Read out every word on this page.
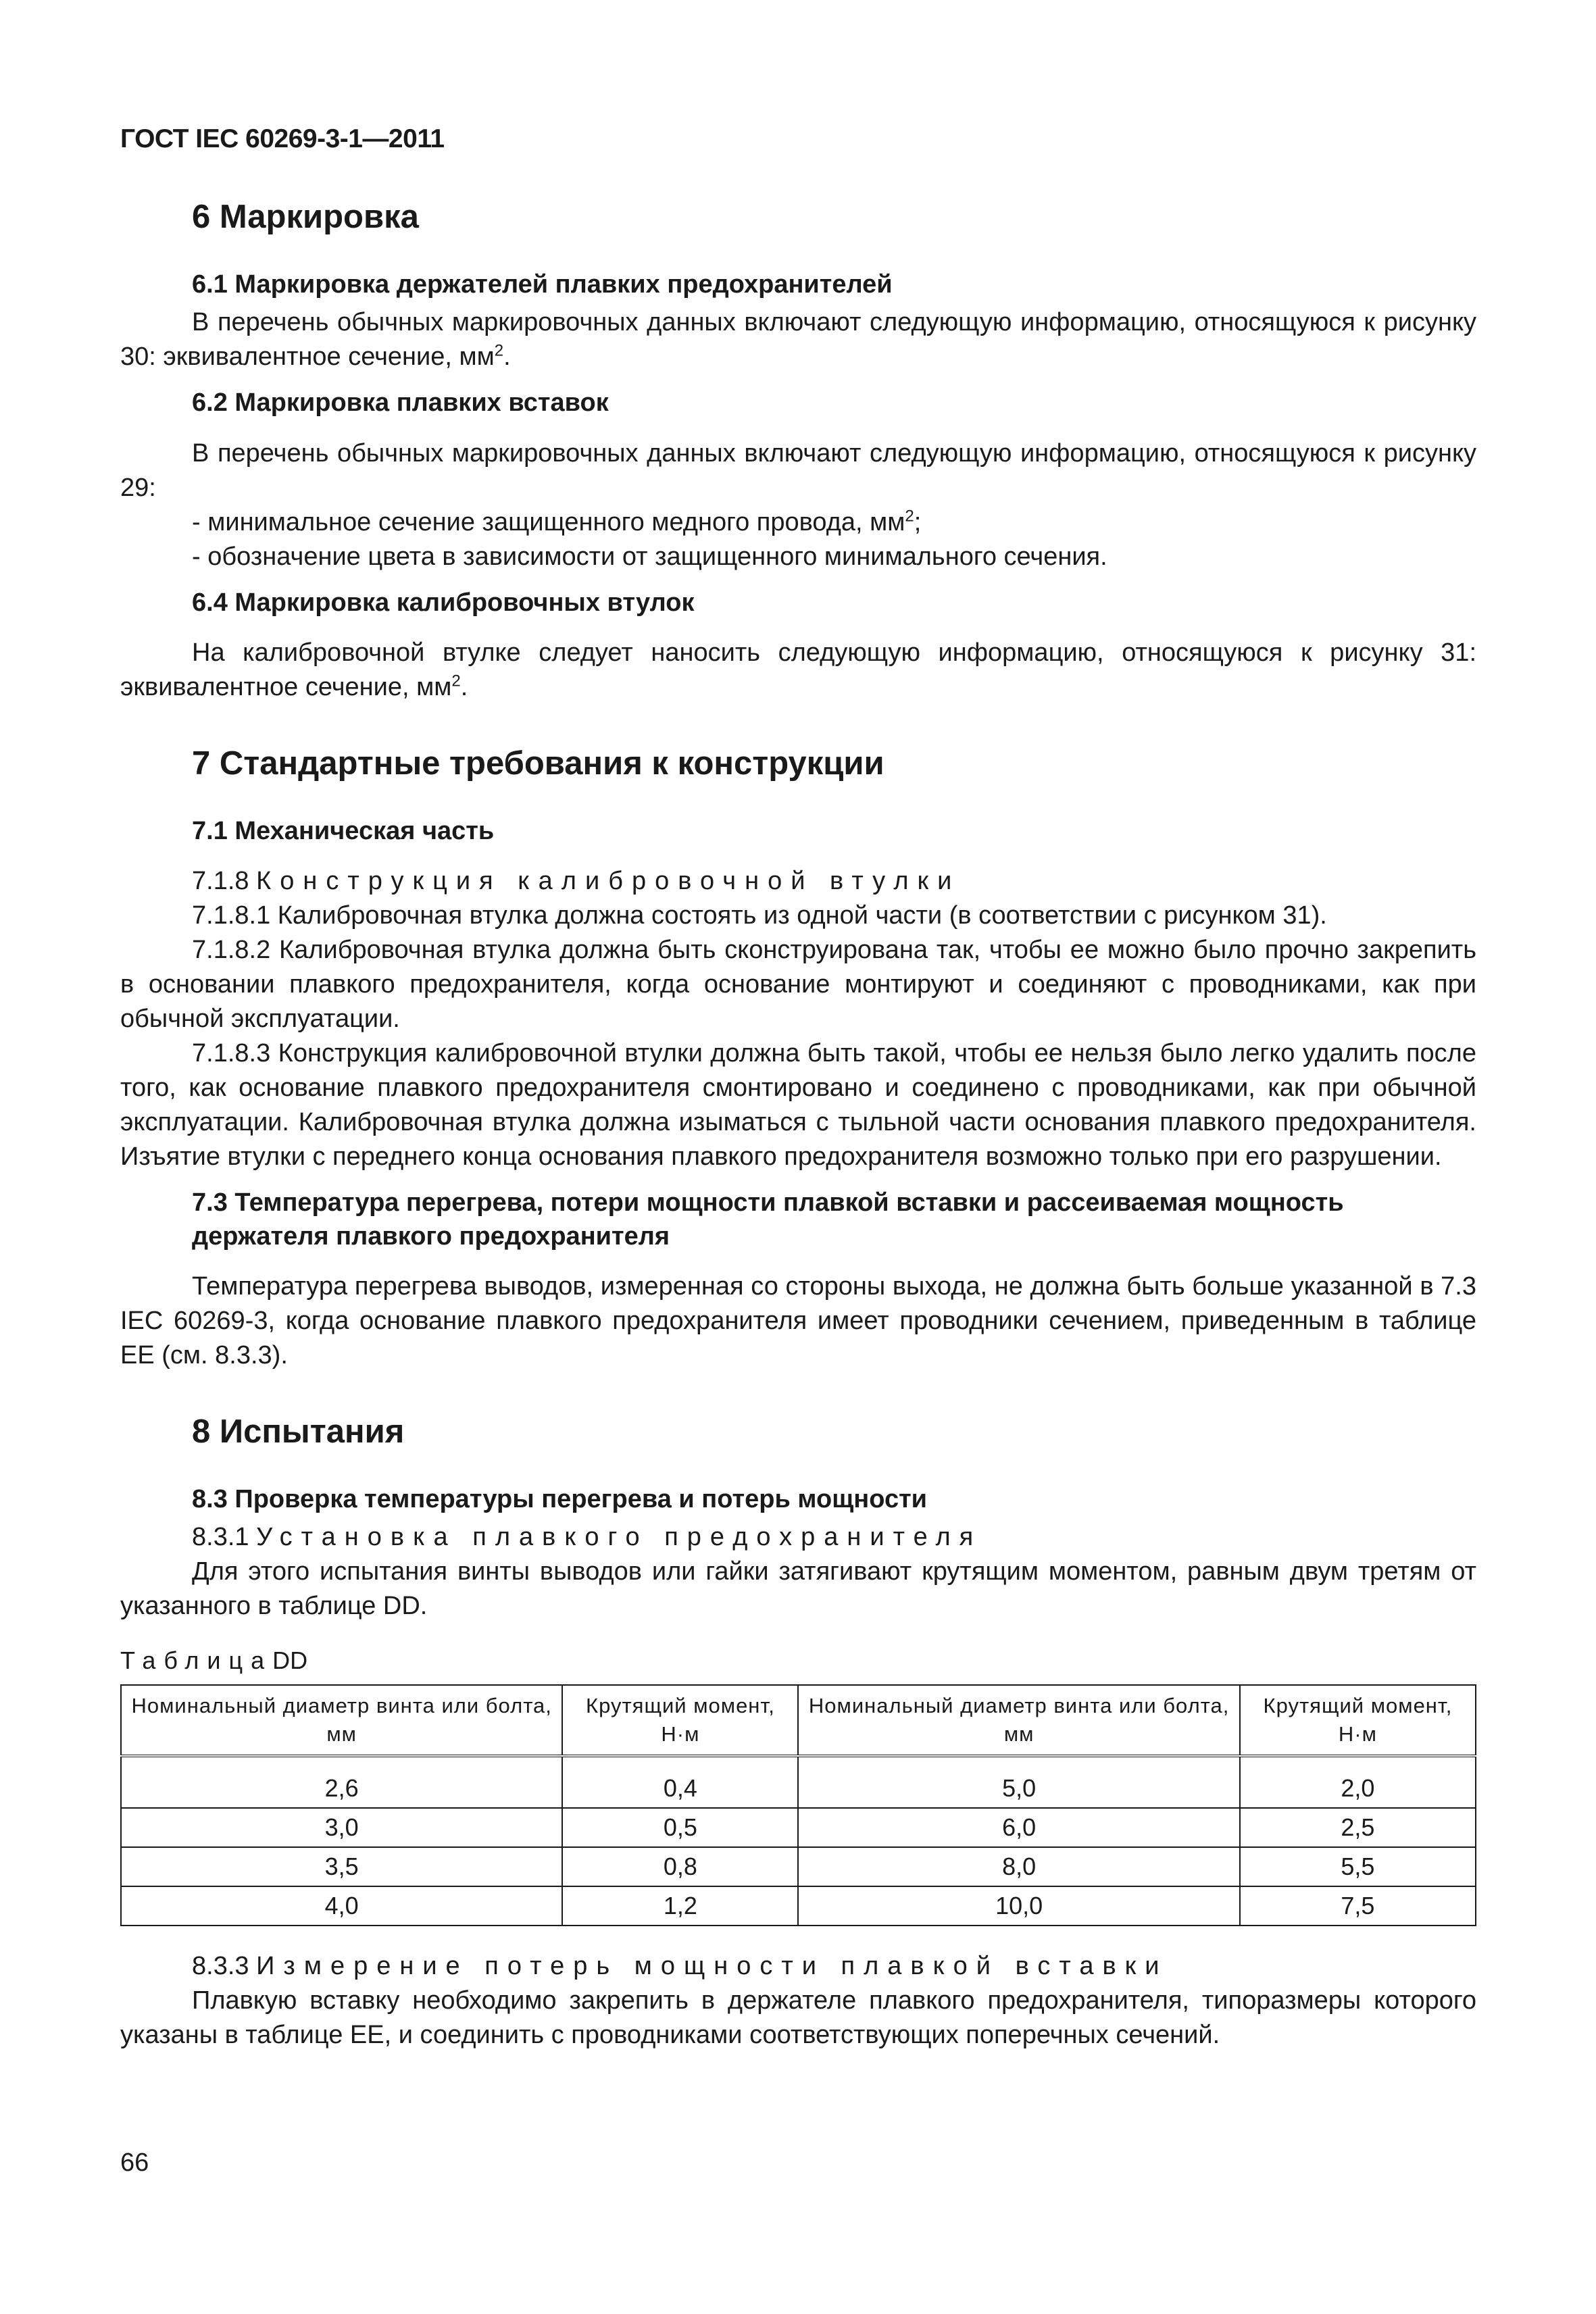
ГОСТ IEC 60269-3-1—2011
6 Маркировка
6.1 Маркировка держателей плавких предохранителей

В перечень обычных маркировочных данных включают следующую информацию, относящуюся к рисунку 30: эквивалентное сечение, $мм^2$.

6.2 Маркировка плавких вставок

В перечень обычных маркировочных данных включают следующую информацию, относящуюся к рисунку 29:

- минимальное сечение защищенного медного провода, $мм^2$;

- обозначение цвета в зависимости от защищенного минимального сечения.

6.4 Маркировка калибровочных втулок

На калибровочной втулке следует наносить следующую информацию, относящуюся к рисунку 31: эквивалентное сечение, $мм^2$.

7 Стандартные требования к конструкции
7.1 Механическая часть

7.1.8 Конструкция калибровочной втулки

7.1.8.1 Калибровочная втулка должна состоять из одной части (в соответствии с рисунком 31).

7.1.8.2 Калибровочная втулка должна быть сконструирована так, чтобы ее можно было прочно закрепить в основании плавкого предохранителя, когда основание монтируют и соединяют с проводниками, как при обычной эксплуатации.

7.1.8.3 Конструкция калибровочной втулки должна быть такой, чтобы ее нельзя было легко удалить после того, как основание плавкого предохранителя смонтировано и соединено с проводниками, как при обычной эксплуатации. Калибровочная втулка должна изыматься с тыльной части основания плавкого предохранителя. Изъятие втулки с переднего конца основания плавкого предохранителя возможно только при его разрушении.

7.3 Температура перегрева, потери мощности плавкой вставки и рассеиваемая мощность держателя плавкого предохранителя

Температура перегрева выводов, измеренная со стороны выхода, не должна быть больше указанной в 7.3 IEC 60269-3, когда основание плавкого предохранителя имеет проводники сечением, приведенным в таблице EE (см. 8.3.3).

8 Испытания
8.3 Проверка температуры перегрева и потерь мощности

8.3.1 Установка плавкого предохранителя

Для этого испытания винты выводов или гайки затягивают крутящим моментом, равным двум третям от указанного в таблице DD.

ТаблицаDD
Номинальный диаметр винта или болта, мм	Крутящий момент, Н·м	Номинальный диаметр винта или болта, мм	Крутящий момент, Н·м
2,6	0,4	5,0	2,0
3,0	0,5	6,0	2,5
3,5	0,8	8,0	5,5
4,0	1,2	10,0	7,5

8.3.3 Измерение потерь мощности плавкой вставки

Плавкую вставку необходимо закрепить в держателе плавкого предохранителя, типоразмеры которого указаны в таблице EE, и соединить с проводниками соответствующих поперечных сечений.

66
